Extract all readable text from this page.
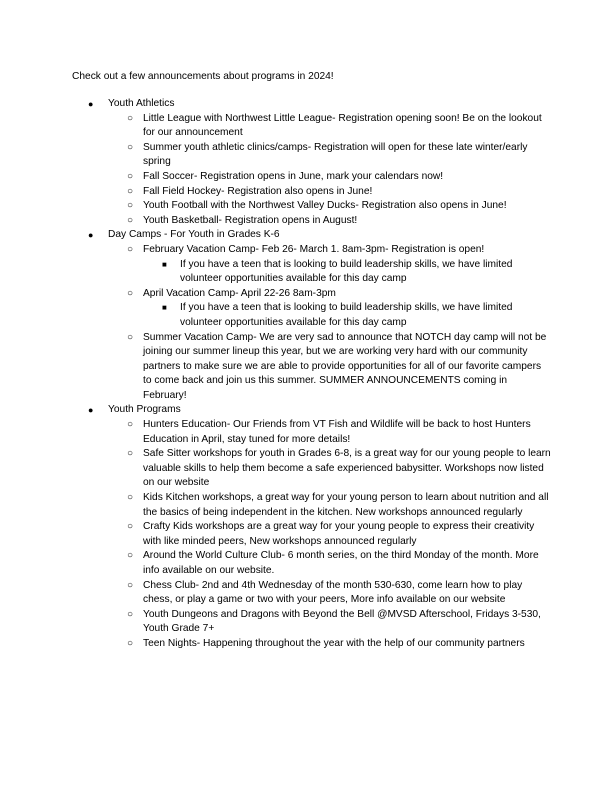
Check out a few announcements about programs in 2024!

● Youth Athletics
○ Little League with Northwest Little League- Registration opening soon! Be on the lookout for our announcement
○ Summer youth athletic clinics/camps- Registration will open for these late winter/early spring
○ Fall Soccer- Registration opens in June, mark your calendars now!
○ Fall Field Hockey- Registration also opens in June!
○ Youth Football with the Northwest Valley Ducks- Registration also opens in June!
○ Youth Basketball- Registration opens in August!
● Day Camps - For Youth in Grades K-6
○ February Vacation Camp- Feb 26- March 1. 8am-3pm- Registration is open!
■ If you have a teen that is looking to build leadership skills, we have limited volunteer opportunities available for this day camp
○ April Vacation Camp- April 22-26 8am-3pm
■ If you have a teen that is looking to build leadership skills, we have limited volunteer opportunities available for this day camp
○ Summer Vacation Camp- We are very sad to announce that NOTCH day camp will not be joining our summer lineup this year, but we are working very hard with our community partners to make sure we are able to provide opportunities for all of our favorite campers to come back and join us this summer. SUMMER ANNOUNCEMENTS coming in February!
● Youth Programs
○ Hunters Education- Our Friends from VT Fish and Wildlife will be back to host Hunters Education in April, stay tuned for more details!
○ Safe Sitter workshops for youth in Grades 6-8, is a great way for our young people to learn valuable skills to help them become a safe experienced babysitter. Workshops now listed on our website
○ Kids Kitchen workshops, a great way for your young person to learn about nutrition and all the basics of being independent in the kitchen. New workshops announced regularly
○ Crafty Kids workshops are a great way for your young people to express their creativity with like minded peers, New workshops announced regularly
○ Around the World Culture Club- 6 month series, on the third Monday of the month. More info available on our website.
○ Chess Club- 2nd and 4th Wednesday of the month 530-630, come learn how to play chess, or play a game or two with your peers, More info available on our website
○ Youth Dungeons and Dragons with Beyond the Bell @MVSD Afterschool, Fridays 3-530, Youth Grade 7+
○ Teen Nights- Happening throughout the year with the help of our community partners
